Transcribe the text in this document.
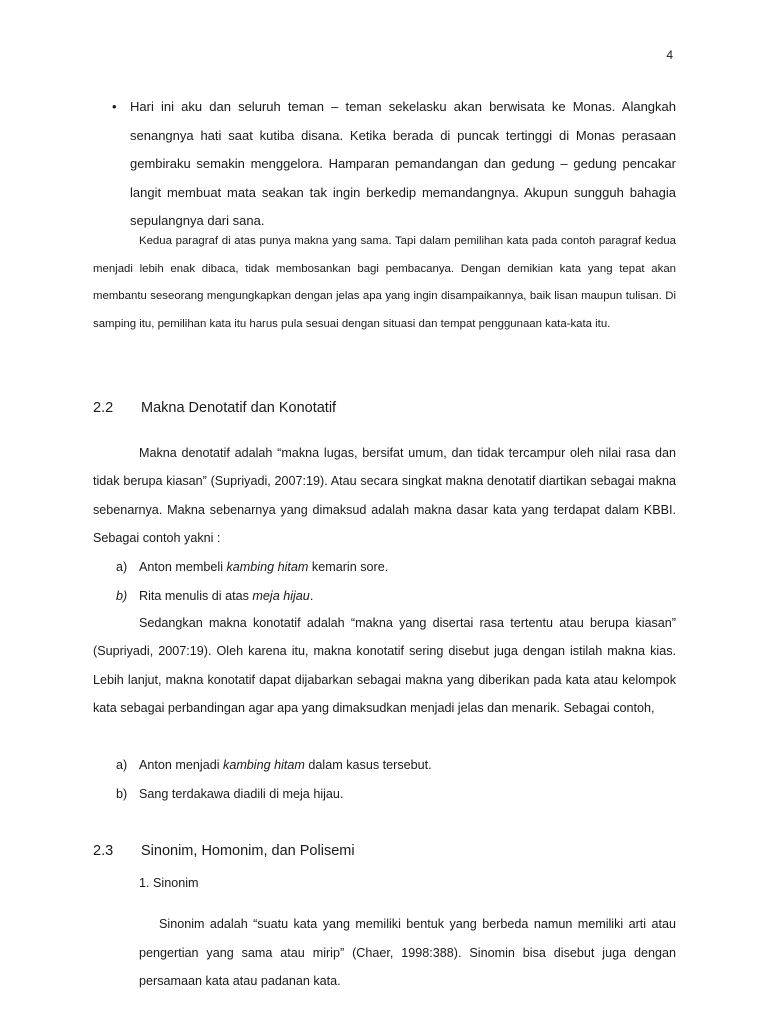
4
• Hari ini aku dan seluruh teman – teman sekelasku akan berwisata ke Monas. Alangkah senangnya hati saat kutiba disana. Ketika berada di puncak tertinggi di Monas perasaan gembiraku semakin menggelora. Hamparan pemandangan dan gedung – gedung pencakar langit membuat mata seakan tak ingin berkedip memandangnya. Akupun sungguh bahagia sepulangnya dari sana.

Kedua paragraf di atas punya makna yang sama. Tapi dalam pemilihan kata pada contoh paragraf kedua menjadi lebih enak dibaca, tidak membosankan bagi pembacanya. Dengan demikian kata yang tepat akan membantu seseorang mengungkapkan dengan jelas apa yang ingin disampaikannya, baik lisan maupun tulisan. Di samping itu, pemilihan kata itu harus pula sesuai dengan situasi dan tempat penggunaan kata-kata itu.

2.2 Makna Denotatif dan Konotatif

Makna denotatif adalah “makna lugas, bersifat umum, dan tidak tercampur oleh nilai rasa dan tidak berupa kiasan” (Supriyadi, 2007:19). Atau secara singkat makna denotatif diartikan sebagai makna sebenarnya. Makna sebenarnya yang dimaksud adalah makna dasar kata yang terdapat dalam KBBI. Sebagai contoh yakni :

a) Anton membeli kambing hitam kemarin sore.
b) Rita menulis di atas meja hijau.

Sedangkan makna konotatif adalah “makna yang disertai rasa tertentu atau berupa kiasan” (Supriyadi, 2007:19). Oleh karena itu, makna konotatif sering disebut juga dengan istilah makna kias. Lebih lanjut, makna konotatif dapat dijabarkan sebagai makna yang diberikan pada kata atau kelompok kata sebagai perbandingan agar apa yang dimaksudkan menjadi jelas dan menarik. Sebagai contoh,

a) Anton menjadi kambing hitam dalam kasus tersebut.
b) Sang terdakawa diadili di meja hijau.
2.3 Sinonim, Homonim, dan Polisemi
1. Sinonim

Sinonim adalah “suatu kata yang memiliki bentuk yang berbeda namun memiliki arti atau pengertian yang sama atau mirip” (Chaer, 1998:388). Sinomin bisa disebut juga dengan persamaan kata atau padanan kata.
